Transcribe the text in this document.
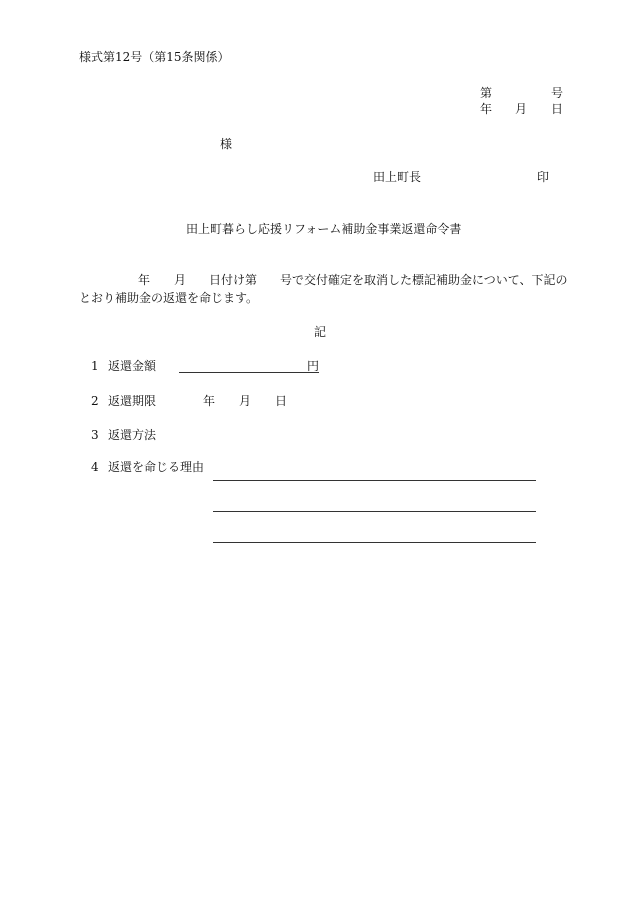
様式第12号（第15条関係）
第	号
年 月 日
様
田上町長	印
田上町暮らし応援リフォーム補助金事業返還命令書
年 月 日付け第 号で交付確定を取消した標記補助金について、下記の
とおり補助金の返還を命じます。
記
1 返還金額	円
2 返還期限	年 月 日
3 返還方法
4 返還を命じる理由
